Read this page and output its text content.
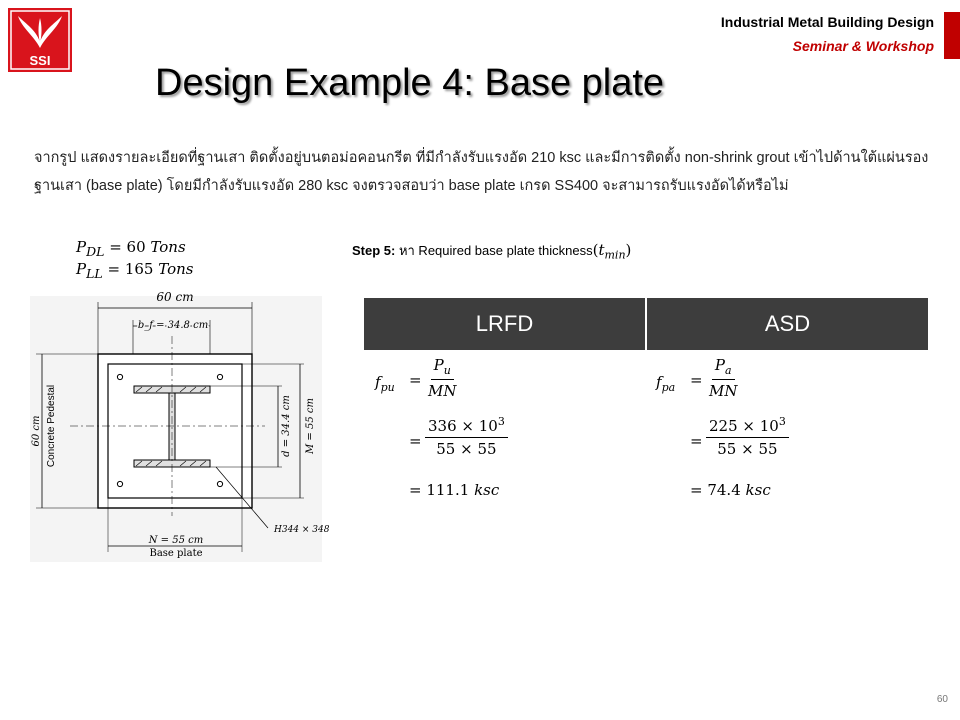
SSI
Industrial Metal Building Design
Seminar & Workshop
Design Example 4: Base plate
จากรูป แสดงรายละเอียดที่ฐานเสา ติดตั้งอยู่บนตอม่อคอนกรีต ที่มีกำลังรับแรงอัด 210 ksc และมีการติดตั้ง non-shrink grout เข้าไปด้านใต้แผ่นรองฐานเสา (base plate) โดยมีกำลังรับแรงอัด 280 ksc จงตรวจสอบว่า base plate เกรด SS400 จะสามารถรับแรงอัดได้หรือไม่
$P_{DL} = 60$ Tons
$P_{LL} = 165$ Tons
Step 5: หา Required base plate $thickness(t_{min})$
60 cm
b_f = 34.8 cm
60 cm Concrete Pedestal	d = 34.4 cm M = 55 cm
H344 × 348
N = 55 cm
Base plate
LRFD	ASD
$f_{pu} = \frac{P_u}{MN}$
= $\frac{336 \times 10^3}{55 \times 55}$
= 111.1 ksc
$f_{pa} = \frac{P_a}{MN}$
= $\frac{225 \times 10^3}{55 \times 55}$
= 74.4 ksc
60
